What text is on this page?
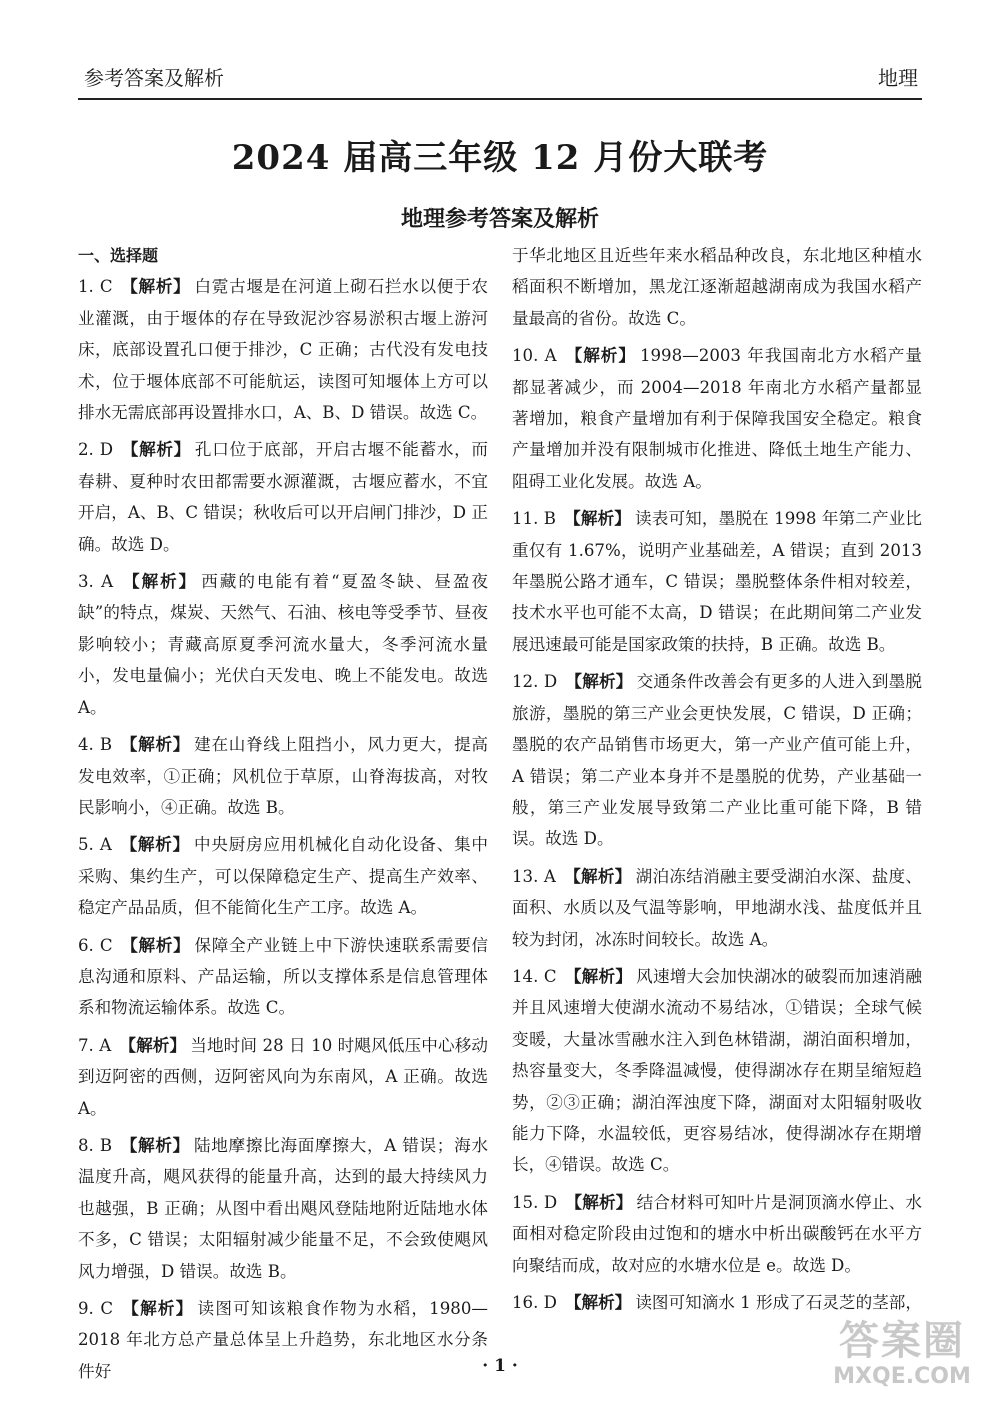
参考答案及解析	地理
2024 届高三年级 12 月份大联考
地理参考答案及解析
一、选择题
1. C 【解析】 白霓古堰是在河道上砌石拦水以便于农业灌溉，由于堰体的存在导致泥沙容易淤积古堰上游河床，底部设置孔口便于排沙，C 正确；古代没有发电技术，位于堰体底部不可能航运，读图可知堰体上方可以排水无需底部再设置排水口，A、B、D 错误。故选 C。
2. D 【解析】 孔口位于底部，开启古堰不能蓄水，而春耕、夏种时农田都需要水源灌溉，古堰应蓄水，不宜开启，A、B、C 错误；秋收后可以开启闸门排沙，D 正确。故选 D。
3. A 【解析】 西藏的电能有着“夏盈冬缺、昼盈夜缺”的特点，煤炭、天然气、石油、核电等受季节、昼夜影响较小；青藏高原夏季河流水量大，冬季河流水量小，发电量偏小；光伏白天发电、晚上不能发电。故选 A。
4. B 【解析】 建在山脊线上阻挡小，风力更大，提高发电效率，①正确；风机位于草原，山脊海拔高，对牧民影响小，④正确。故选 B。
5. A 【解析】 中央厨房应用机械化自动化设备、集中采购、集约生产，可以保障稳定生产、提高生产效率、稳定产品品质，但不能简化生产工序。故选 A。
6. C 【解析】 保障全产业链上中下游快速联系需要信息沟通和原料、产品运输，所以支撑体系是信息管理体系和物流运输体系。故选 C。
7. A 【解析】 当地时间 28 日 10 时飓风低压中心移动到迈阿密的西侧，迈阿密风向为东南风，A 正确。故选 A。
8. B 【解析】 陆地摩擦比海面摩擦大，A 错误；海水温度升高，飓风获得的能量升高，达到的最大持续风力也越强，B 正确；从图中看出飓风登陆地附近陆地水体不多，C 错误；太阳辐射减少能量不足，不会致使飓风风力增强，D 错误。故选 B。
9. C 【解析】 读图可知该粮食作物为水稻，1980—2018 年北方总产量总体呈上升趋势，东北地区水分条件好
于华北地区且近些年来水稻品种改良，东北地区种植水稻面积不断增加，黑龙江逐渐超越湖南成为我国水稻产量最高的省份。故选 C。
10. A 【解析】 1998—2003 年我国南北方水稻产量都显著减少，而 2004—2018 年南北方水稻产量都显著增加，粮食产量增加有利于保障我国安全稳定。粮食产量增加并没有限制城市化推进、降低土地生产能力、阻碍工业化发展。故选 A。
11. B 【解析】 读表可知，墨脱在 1998 年第二产业比重仅有 1.67%，说明产业基础差，A 错误；直到 2013 年墨脱公路才通车，C 错误；墨脱整体条件相对较差，技术水平也可能不太高，D 错误；在此期间第二产业发展迅速最可能是国家政策的扶持，B 正确。故选 B。
12. D 【解析】 交通条件改善会有更多的人进入到墨脱旅游，墨脱的第三产业会更快发展，C 错误，D 正确；墨脱的农产品销售市场更大，第一产业产值可能上升，A 错误；第二产业本身并不是墨脱的优势，产业基础一般，第三产业发展导致第二产业比重可能下降，B 错误。故选 D。
13. A 【解析】 湖泊冻结消融主要受湖泊水深、盐度、面积、水质以及气温等影响，甲地湖水浅、盐度低并且较为封闭，冰冻时间较长。故选 A。
14. C 【解析】 风速增大会加快湖冰的破裂而加速消融并且风速增大使湖水流动不易结冰，①错误；全球气候变暖，大量冰雪融水注入到色林错湖，湖泊面积增加，热容量变大，冬季降温减慢，使得湖冰存在期呈缩短趋势，②③正确；湖泊浑浊度下降，湖面对太阳辐射吸收能力下降，水温较低，更容易结冰，使得湖冰存在期增长，④错误。故选 C。
15. D 【解析】 结合材料可知叶片是洞顶滴水停止、水面相对稳定阶段由过饱和的塘水中析出碳酸钙在水平方向聚结而成，故对应的水塘水位是 e。故选 D。
16. D 【解析】 读图可知滴水 1 形成了石灵芝的茎部，
· 1 ·
答案圈
MXQE.COM
